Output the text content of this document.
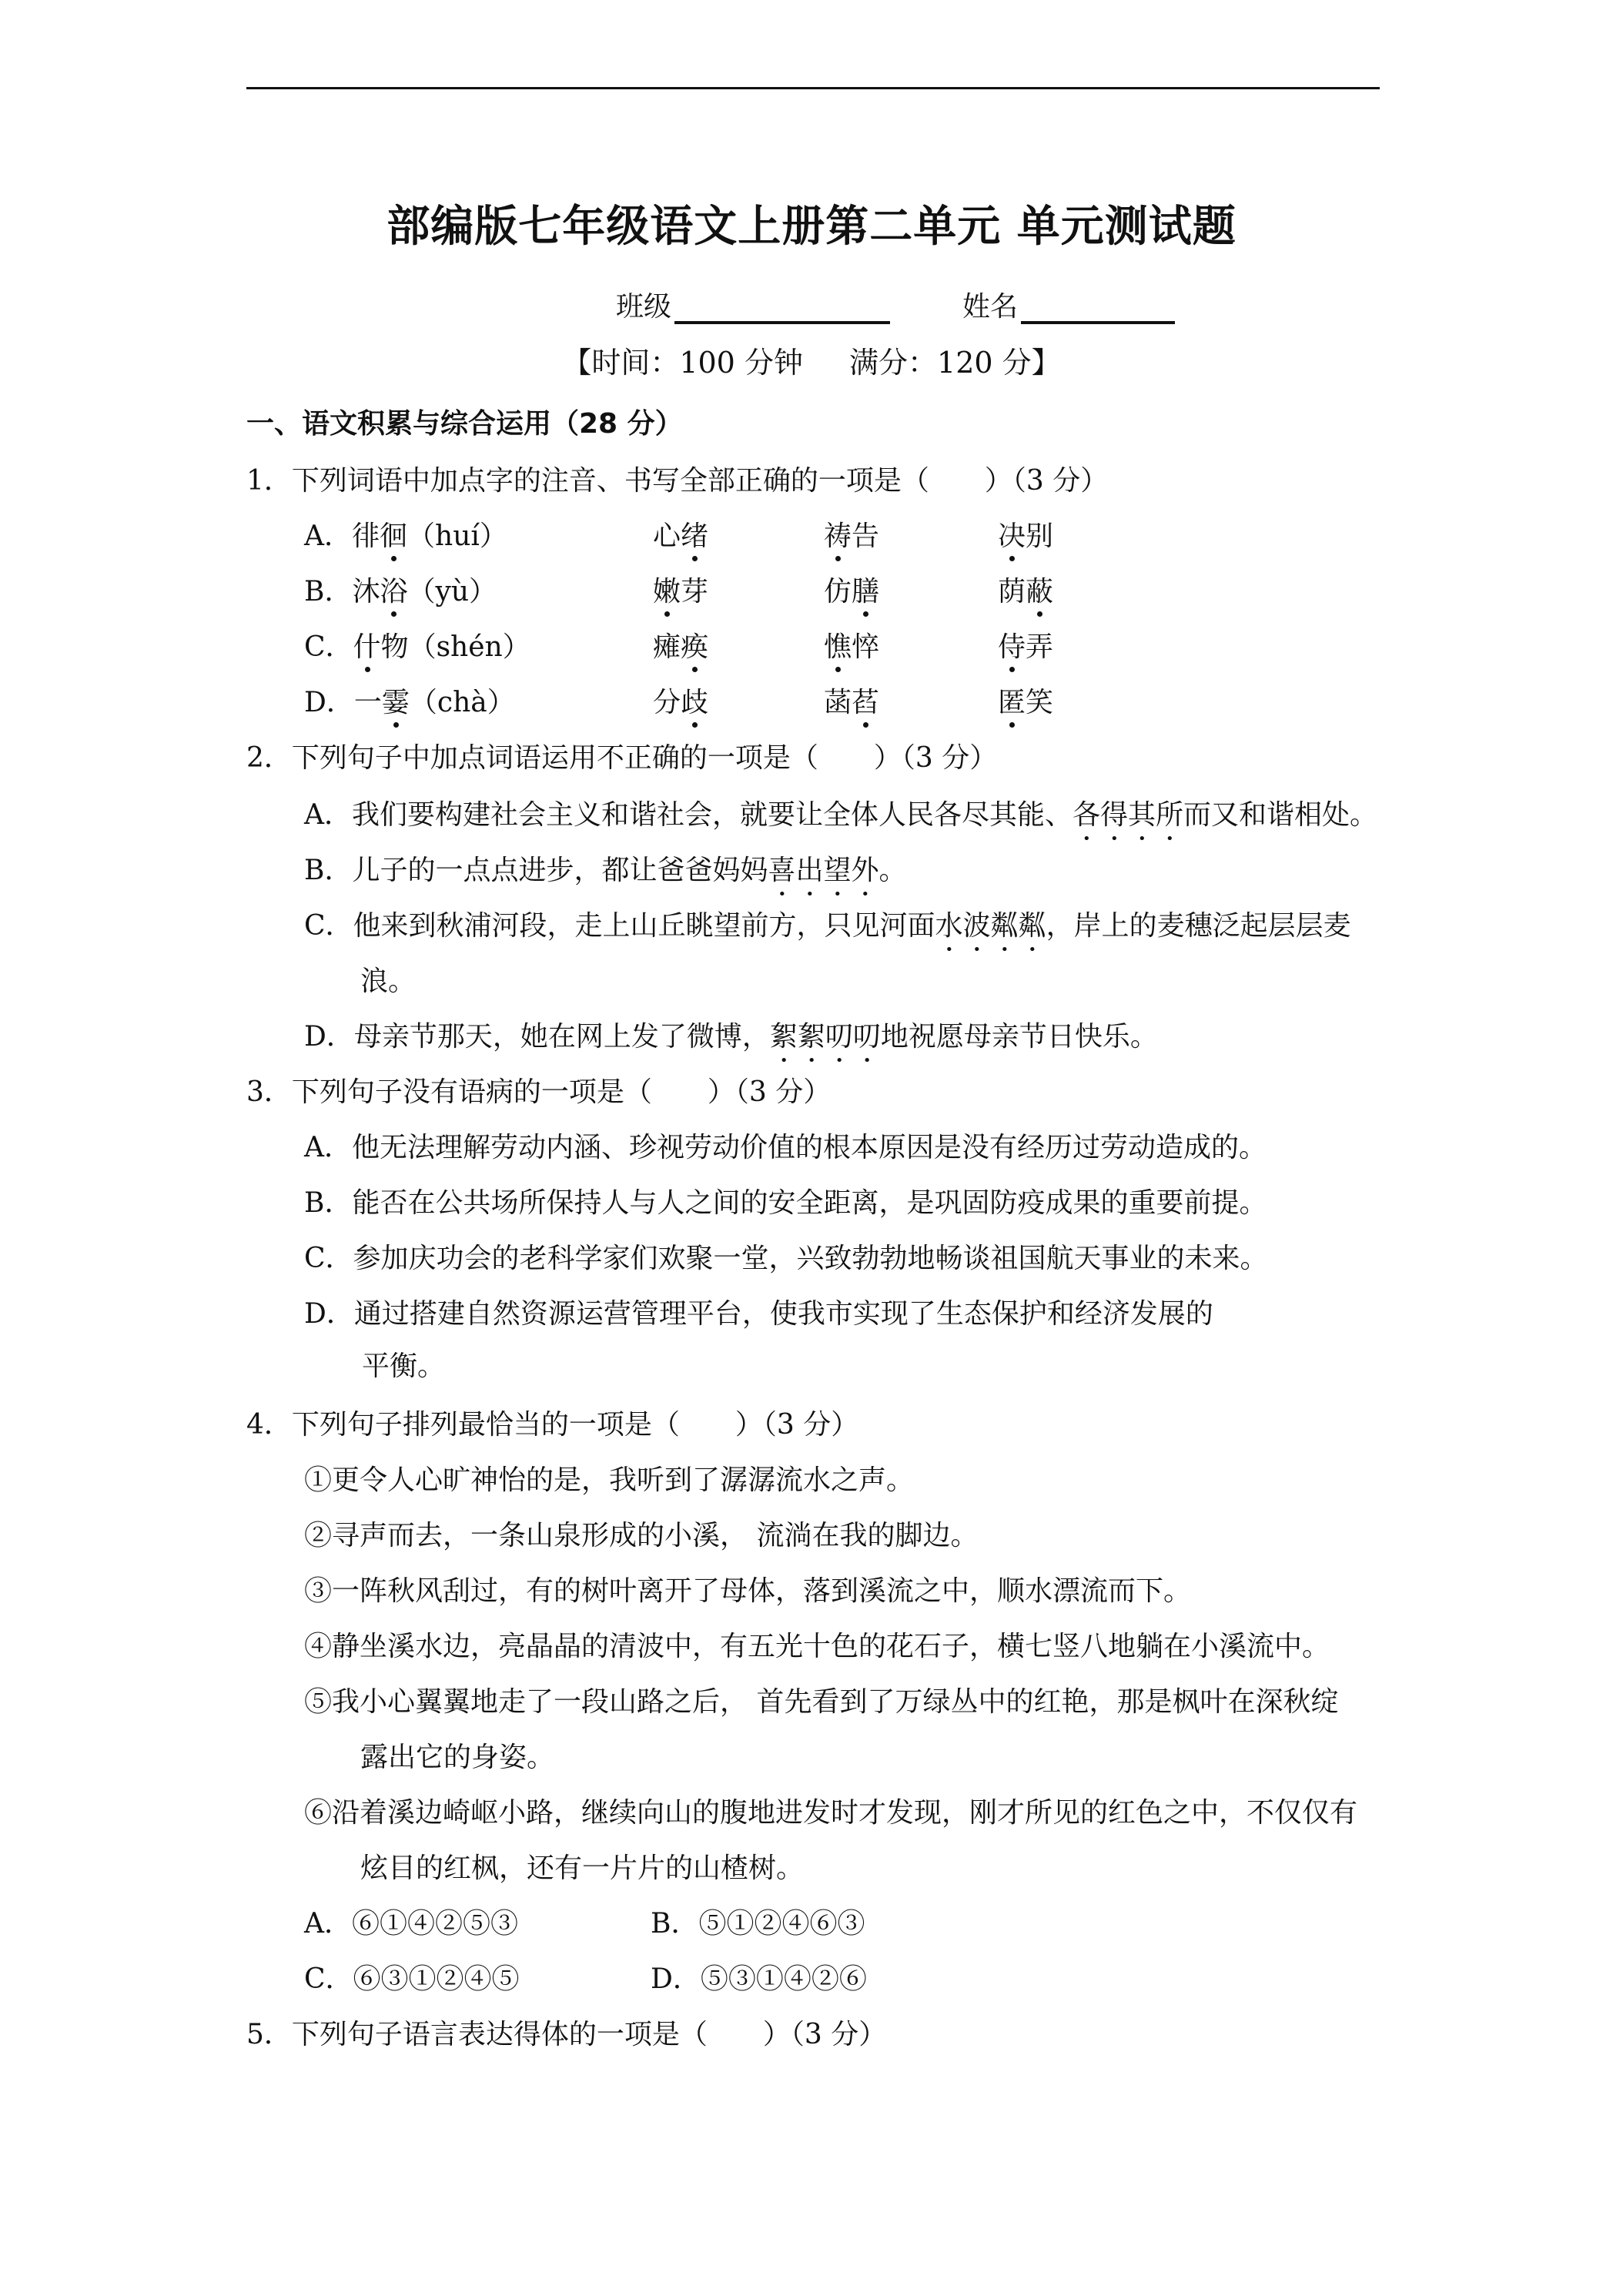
部编版七年级语文上册第二单元 单元测试题
班级	姓名
【时间：100 分钟 满分：120 分】
一、语文积累与综合运用（28 分）
1．下列词语中加点字的注音、书写全部正确的一项是（　　）（3 分）
A．徘徊（huí）	心绪	祷告	决别
B．沐浴（yù）	嫩芽	仿膳	荫蔽
C．什物（shén）	瘫痪	憔悴	侍弄
D．一霎（chà）	分歧	菡萏	匿笑
2．下列句子中加点词语运用不正确的一项是（　　）（3 分）
A．我们要构建社会主义和谐社会，就要让全体人民各尽其能、各得其所而又和谐相处。
B．儿子的一点点进步，都让爸爸妈妈喜出望外。
C．他来到秋浦河段，走上山丘眺望前方，只见河面水波粼粼，岸上的麦穗泛起层层麦
浪。
D．母亲节那天，她在网上发了微博，絮絮叨叨地祝愿母亲节日快乐。
3．下列句子没有语病的一项是（　　）（3 分）
A．他无法理解劳动内涵、珍视劳动价值的根本原因是没有经历过劳动造成的。
B．能否在公共场所保持人与人之间的安全距离，是巩固防疫成果的重要前提。
C．参加庆功会的老科学家们欢聚一堂，兴致勃勃地畅谈祖国航天事业的未来。
D．通过搭建自然资源运营管理平台，使我市实现了生态保护和经济发展的
平衡。
4．下列句子排列最恰当的一项是（　　）（3 分）
①更令人心旷神怡的是，我听到了潺潺流水之声。
②寻声而去，一条山泉形成的小溪， 流淌在我的脚边。
③一阵秋风刮过，有的树叶离开了母体，落到溪流之中，顺水漂流而下。
④静坐溪水边，亮晶晶的清波中，有五光十色的花石子，横七竖八地躺在小溪流中。
⑤我小心翼翼地走了一段山路之后， 首先看到了万绿丛中的红艳，那是枫叶在深秋绽
露出它的身姿。
⑥沿着溪边崎岖小路，继续向山的腹地进发时才发现，刚才所见的红色之中，不仅仅有
炫目的红枫，还有一片片的山楂树。
A．⑥①④②⑤③	B．⑤①②④⑥③
C．⑥③①②④⑤	D．⑤③①④②⑥
5．下列句子语言表达得体的一项是（　　）（3 分）
